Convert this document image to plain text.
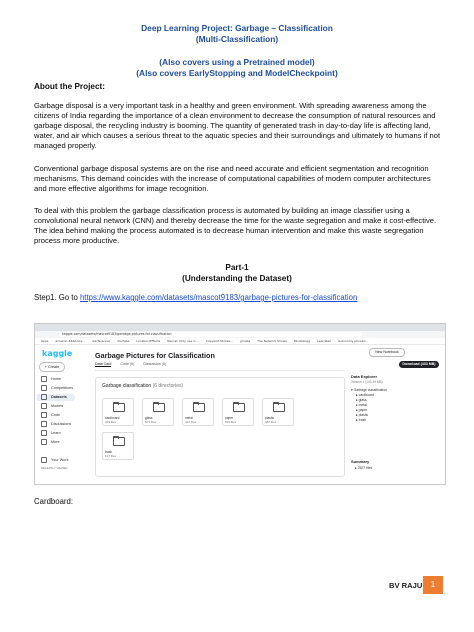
Deep Learning Project: Garbage – Classification
(Multi-Classification)
(Also covers using a Pretrained model)
(Also covers EarlyStopping and ModelCheckpoint)
About the Project:
Garbage disposal is a very important task in a healthy and green environment. With spreading awareness among the citizens of India regarding the importance of a clean environment to decrease the consumption of natural resources and garbage disposal, the recycling industry is booming. The quantity of generated trash in day-to-day life is affecting land, water, and air which causes a serious threat to the aquatic species and their surroundings and ultimately to humans if not managed properly.
Conventional garbage disposal systems are on the rise and need accurate and efficient segmentation and recognition mechanisms. This demand coincides with the increase of computational capabilities of modern computer architectures and more effective algorithms for image recognition.
To deal with this problem the garbage classification process is automated by building an image classifier using a convolutional neural network (CNN) and thereby decrease the time for the waste segregation and make it cost-effective. The idea behind making the process automated is to decrease human intervention and make this waste segregation process more productive.
Part-1
(Understanding the Dataset)
Step1. Go to https://www.kaggle.com/datasets/mascot9183/garbage-pictures-for-classification
kaggle.com/datasets/mascot9183/garbage-pictures-for-classification
Apps amazon–f-b&l-ainj... w2(ference) YouTube Location/Effects Neural: Only use in... Copywrit Strikes... gmaile The Network Shows Mindsbogg LearnRail Autonomy phoebo...
kaggle
+ Create
Home
Competitions
Datasets
Models
Code
Discussions
Learn
More
Your Work
RECENTLY VIEWED
Garbage Pictures for Classification
Data Card	Code (0)	Discussion (0)
New Notebook
Download (433 MB)
Garbage classification (6 directories)
cardboard
403 files
glass
501 files
metal
410 files
paper
594 files
plastic
482 files
trash
137 files
Data Explorer
Version 1 (143.39 MB)
▾ Garbage classification
▸ cardboard
▸ glass
▸ metal
▸ paper
▸ plastic
▸ trash
Summary
▸ 2527 files
Cardboard:
BV RAJU	1
